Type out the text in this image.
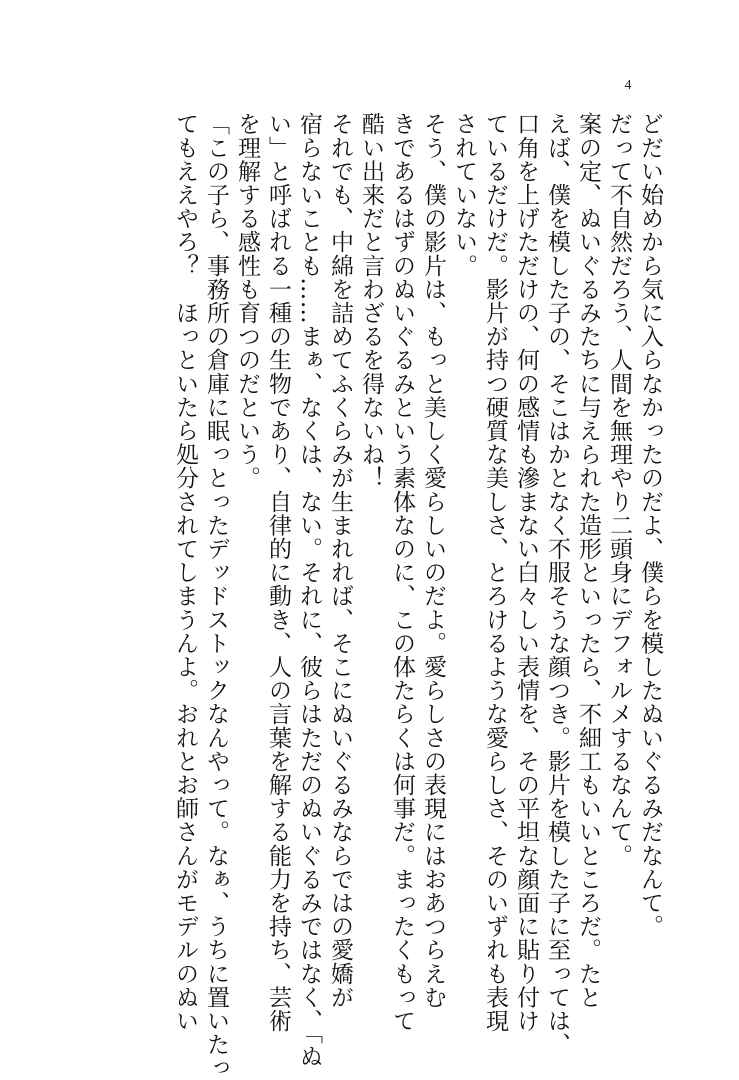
4
どだい始めから気に入らなかったのだよ、僕らを模したぬいぐるみだなんて。
だって不自然だろう、人間を無理やり二頭身にデフォルメするなんて。
案の定、ぬいぐるみたちに与えられた造形といったら、不細工もいいところだ。たと
えば、僕を模した子の、そこはかとなく不服そうな顔つき。影片を模した子に至っては、
口角を上げただけの、何の感情も滲まない白々しい表情を、その平坦な顔面に貼り付け
ているだけだ。影片が持つ硬質な美しさ、とろけるような愛らしさ、そのいずれも表現
されていない。
そう、僕の影片は、もっと美しく愛らしいのだよ。愛らしさの表現にはおあつらえむ
きであるはずのぬいぐるみという素体なのに、この体たらくは何事だ。まったくもって
酷い出来だと言わざるを得ないね！
それでも、中綿を詰めてふくらみが生まれれば、そこにぬいぐるみならではの愛嬌が
宿らないことも……まぁ、なくは、ない。それに、彼らはただのぬいぐるみではなく、「ぬ
い」と呼ばれる一種の生物であり、自律的に動き、人の言葉を解する能力を持ち、芸術
を理解する感性も育つのだという。
「この子ら、事務所の倉庫に眠っとったデッドストックなんやって。なぁ、うちに置いたっ
てもええやろ？　ほっといたら処分されてしまうんよ。おれとお師さんがモデルのぬい
